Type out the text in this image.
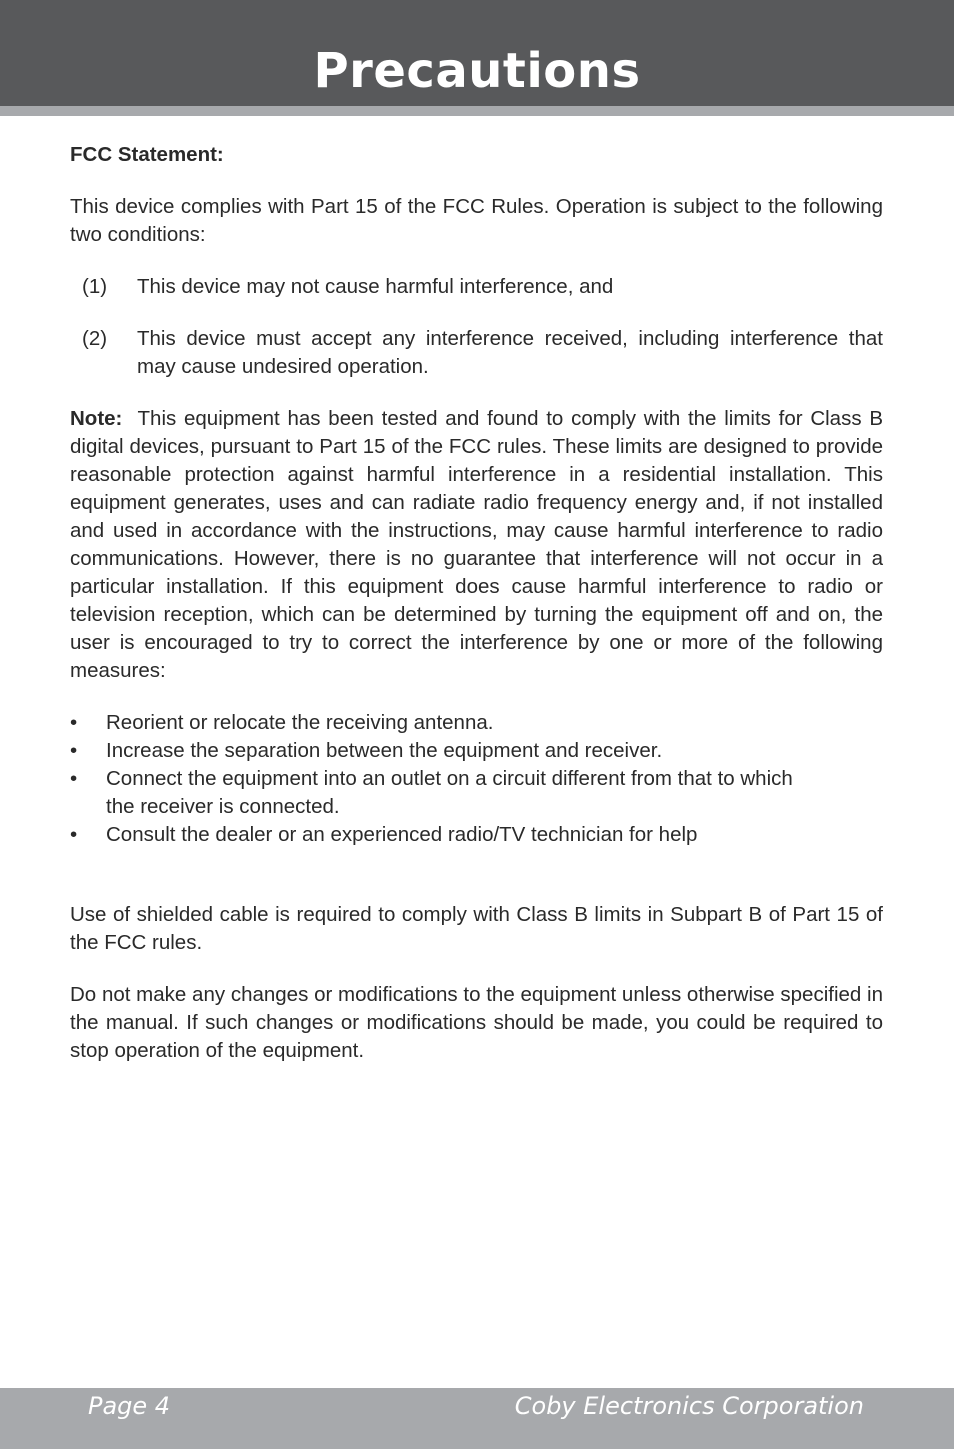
Precautions

FCC Statement:

This device complies with Part 15 of the FCC Rules. Operation is subject to the following two conditions:

(1) This device may not cause harmful interference, and
(2) This device must accept any interference received, including interference that may cause undesired operation.

Note: This equipment has been tested and found to comply with the limits for Class B digital devices, pursuant to Part 15 of the FCC rules. These limits are designed to provide reasonable protection against harmful interference in a residential installation. This equipment generates, uses and can radiate radio frequency energy and, if not installed and used in accordance with the instructions, may cause harmful interference to radio communications. However, there is no guarantee that interference will not occur in a particular installation. If this equipment does cause harmful interference to radio or television reception, which can be determined by turning the equipment off and on, the user is encouraged to try to correct the interference by one or more of the following measures:

• Reorient or relocate the receiving antenna.
• Increase the separation between the equipment and receiver.
• Connect the equipment into an outlet on a circuit different from that to which the receiver is connected.
• Consult the dealer or an experienced radio/TV technician for help

Use of shielded cable is required to comply with Class B limits in Subpart B of Part 15 of the FCC rules.

Do not make any changes or modifications to the equipment unless otherwise specified in the manual. If such changes or modifications should be made, you could be required to stop operation of the equipment.

Page 4	Coby Electronics Corporation
